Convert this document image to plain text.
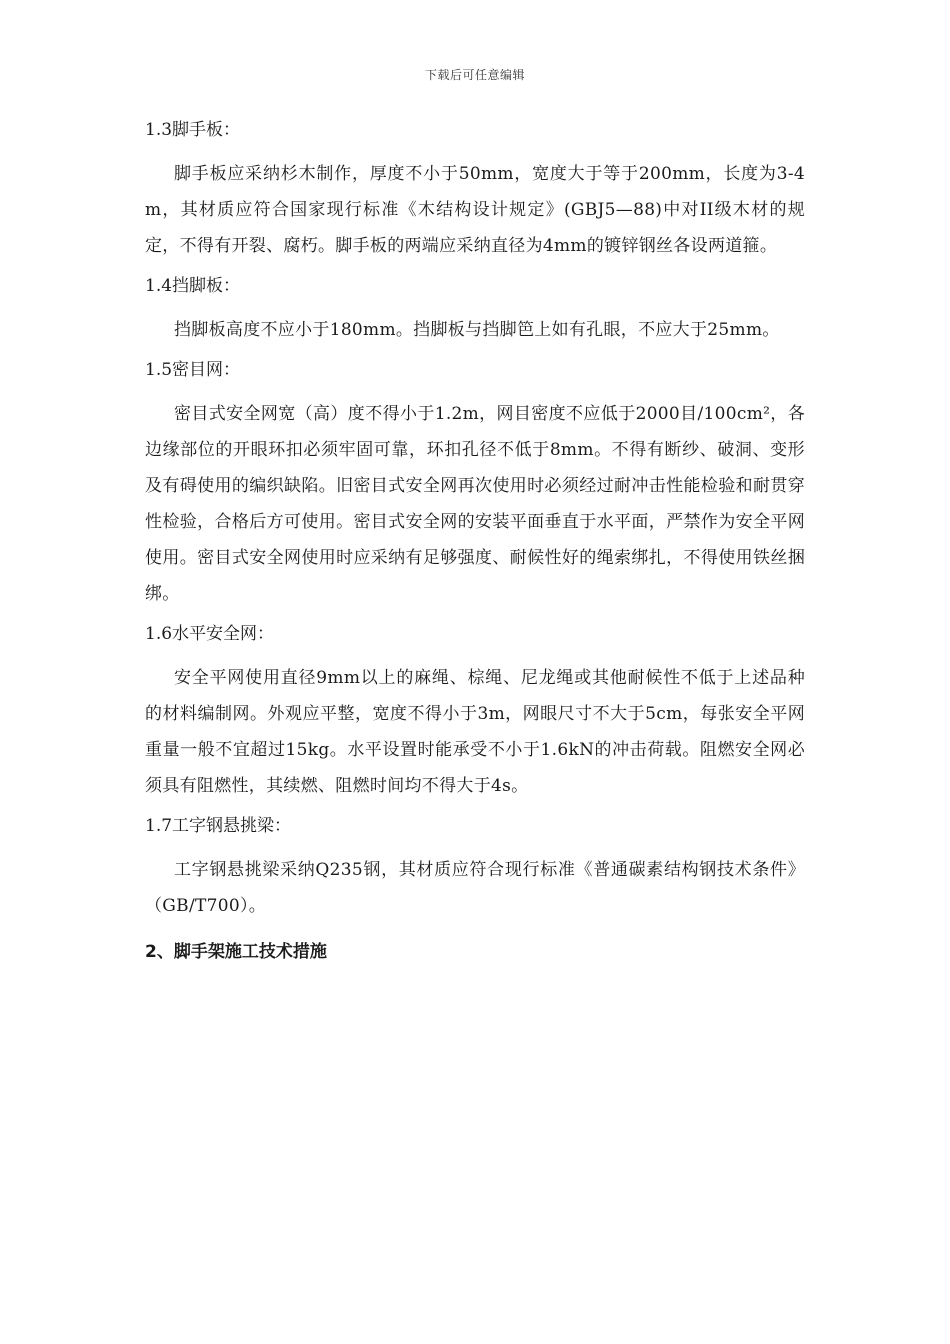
下载后可任意编辑
1.3脚手板：

脚手板应采纳杉木制作，厚度不小于50mm，宽度大于等于200mm，长度为3-4m，其材质应符合国家现行标准《木结构设计规定》(GBJ5—88)中对II级木材的规定，不得有开裂、腐朽。脚手板的两端应采纳直径为4mm的镀锌钢丝各设两道箍。

1.4挡脚板：

挡脚板高度不应小于180mm。挡脚板与挡脚笆上如有孔眼，不应大于25mm。

1.5密目网：

密目式安全网宽（高）度不得小于1.2m，网目密度不应低于2000目/100cm²，各边缘部位的开眼环扣必须牢固可靠，环扣孔径不低于8mm。不得有断纱、破洞、变形及有碍使用的编织缺陷。旧密目式安全网再次使用时必须经过耐冲击性能检验和耐贯穿性检验，合格后方可使用。密目式安全网的安装平面垂直于水平面，严禁作为安全平网使用。密目式安全网使用时应采纳有足够强度、耐候性好的绳索绑扎，不得使用铁丝捆绑。

1.6水平安全网：

安全平网使用直径9mm以上的麻绳、棕绳、尼龙绳或其他耐候性不低于上述品种的材料编制网。外观应平整，宽度不得小于3m，网眼尺寸不大于5cm，每张安全平网重量一般不宜超过15kg。水平设置时能承受不小于1.6kN的冲击荷载。阻燃安全网必须具有阻燃性，其续燃、阻燃时间均不得大于4s。

1.7工字钢悬挑梁：

工字钢悬挑梁采纳Q235钢，其材质应符合现行标准《普通碳素结构钢技术条件》（GB/T700）。

2、脚手架施工技术措施
